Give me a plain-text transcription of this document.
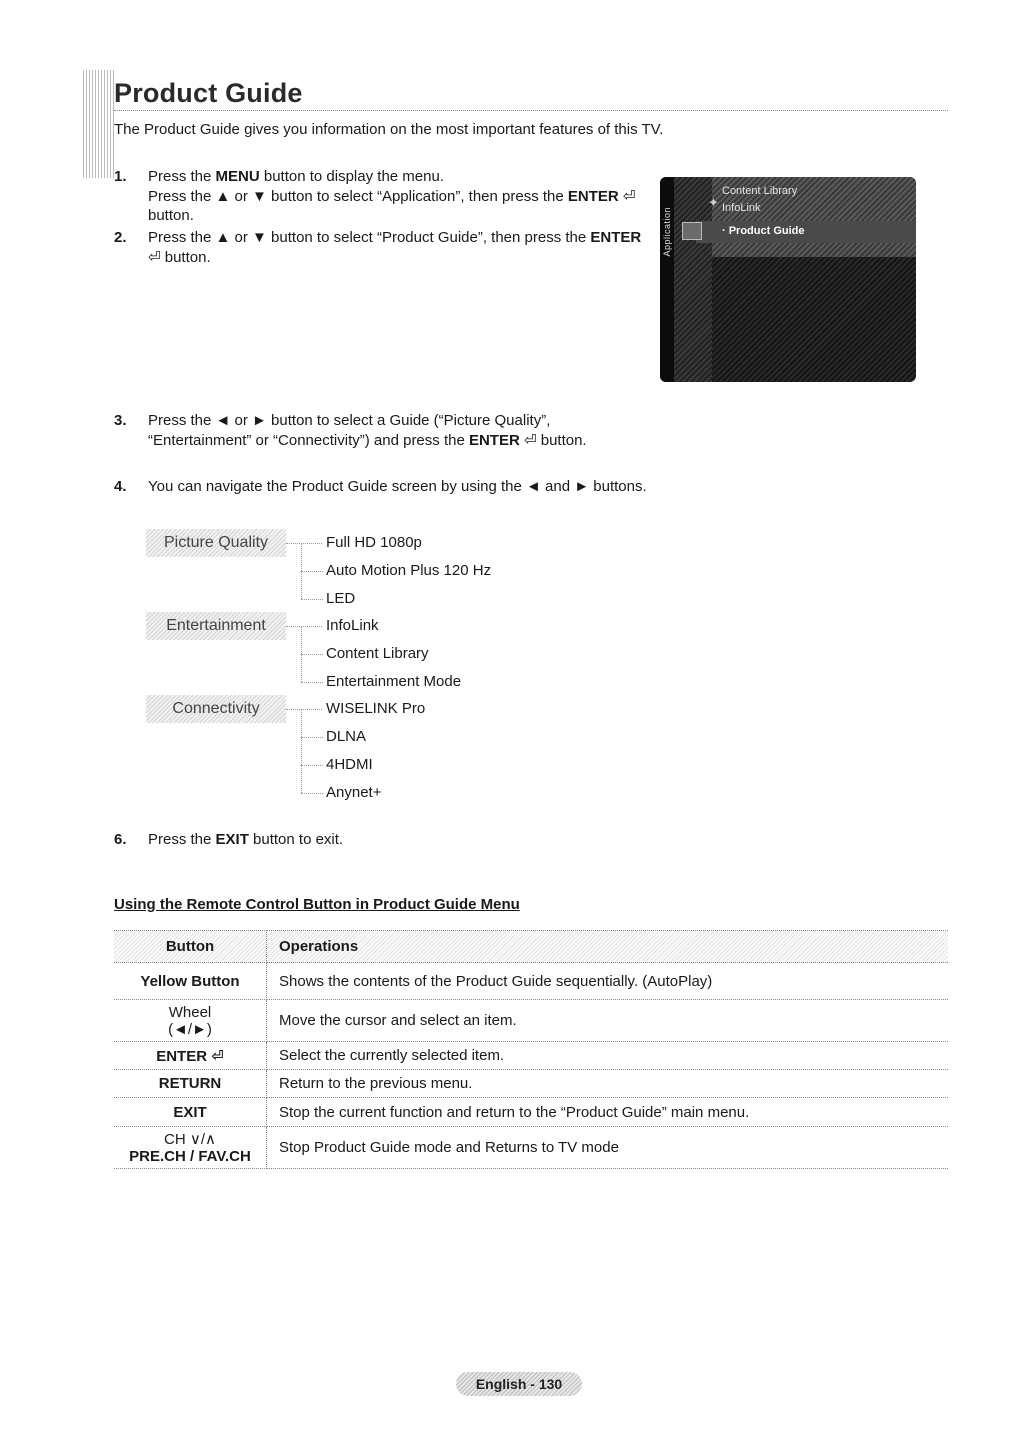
Product Guide
The Product Guide gives you information on the most important features of this TV.
1. Press the MENU button to display the menu.
Press the ▲ or ▼ button to select “Application”, then press the ENTER ⏎
button.
2. Press the ▲ or ▼ button to select “Product Guide”, then press the ENTER
⏎ button.
Application
✦
Content Library
InfoLink
· Product Guide
3. Press the ◄ or ► button to select a Guide (“Picture Quality”,
“Entertainment” or “Connectivity”) and press the ENTER ⏎ button.
4. You can navigate the Product Guide screen by using the ◄ and ► buttons.
Picture Quality
Entertainment
Connectivity
Full HD 1080p
Auto Motion Plus 120 Hz
LED
InfoLink
Content Library
Entertainment Mode
WISELINK Pro
DLNA
4HDMI
Anynet+
6. Press the EXIT button to exit.
Using the Remote Control Button in Product Guide Menu
Button	Operations
Yellow Button	Shows the contents of the Product Guide sequentially. (AutoPlay)

Wheel
(◄/►)	Move the cursor and select an item.
ENTER ⏎	Select the currently selected item.
RETURN	Return to the previous menu.
EXIT	Stop the current function and return to the “Product Guide” main menu.

CH ∨/∧
PRE.CH / FAV.CH	Stop Product Guide mode and Returns to TV mode
English - 130
